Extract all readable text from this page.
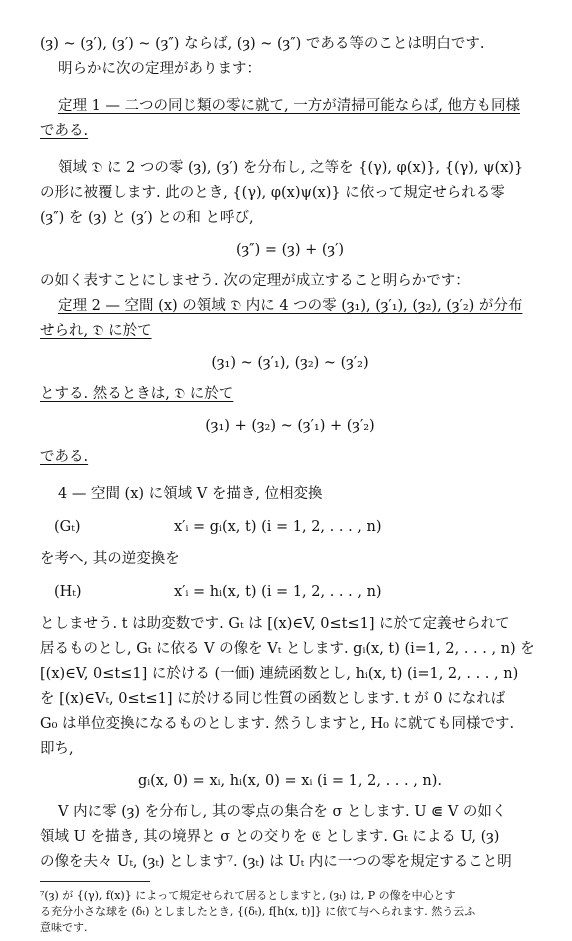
(ȝ) ~ (ȝ′), (ȝ′) ~ (ȝ″) ならば, (ȝ) ~ (ȝ″) である等のことは明白です.
明らかに次の定理があります：
定理 1 — 二つの同じ類の零に就て, 一方が清掃可能ならば, 他方も同様
である.
領域 𝔇 に 2 つの零 (ȝ), (ȝ′) を分布し, 之等を {(γ), φ(x)}, {(γ), ψ(x)}
の形に被覆します. 此のとき, {(γ), φ(x)ψ(x)} に依って規定せられる零
(ȝ″) を (ȝ) と (ȝ′) との和 と呼び,
(ȝ″) = (ȝ) + (ȝ′)
の如く表すことにしませう. 次の定理が成立すること明らかです：
定理 2 — 空間 (x) の領域 𝔇 内に 4 つの零 (ȝ₁), (ȝ′₁), (ȝ₂), (ȝ′₂) が分布
せられ, 𝔇 に於て
(ȝ₁) ~ (ȝ′₁), (ȝ₂) ~ (ȝ′₂)
とする. 然るときは, 𝔇 に於て
(ȝ₁) + (ȝ₂) ~ (ȝ′₁) + (ȝ′₂)
である.
4 — 空間 (x) に領域 V を描き, 位相変換
(Gₜ)	x′ᵢ = gᵢ(x, t) (i = 1, 2, . . . , n)
を考へ, 其の逆変換を
(Hₜ)	x′ᵢ = hᵢ(x, t) (i = 1, 2, . . . , n)
としませう. t は助変数です. Gₜ は [(x)∈V, 0≤t≤1] に於て定義せられて
居るものとし, Gₜ に依る V の像を Vₜ とします. gᵢ(x, t) (i=1, 2, . . . , n) を
[(x)∈V, 0≤t≤1] に於ける (一価) 連続函数とし, hᵢ(x, t) (i=1, 2, . . . , n)
を [(x)∈Vₜ, 0≤t≤1] に於ける同じ性質の函数とします. t が 0 になれば
G₀ は単位変換になるものとします. 然うしますと, H₀ に就ても同様です.
即ち,
gᵢ(x, 0) = xᵢ, hᵢ(x, 0) = xᵢ (i = 1, 2, . . . , n).
V 内に零 (ȝ) を分布し, 其の零点の集合を σ とします. U ⋐ V の如く
領域 U を描き, 其の境界と σ との交りを 𝔈 とします. Gₜ による U, (ȝ)
の像を夫々 Uₜ, (ȝₜ) とします⁷. (ȝₜ) は Uₜ 内に一つの零を規定すること明
⁷(ȝ) が {(γ), f(x)} によって規定せられて居るとしますと, (ȝₜ) は, P の像を中心とす
る充分小さな球を (δₜ) としましたとき, {(δₜ), f[h(x, t)]} に依て与へられます. 然う云ふ
意味です.
